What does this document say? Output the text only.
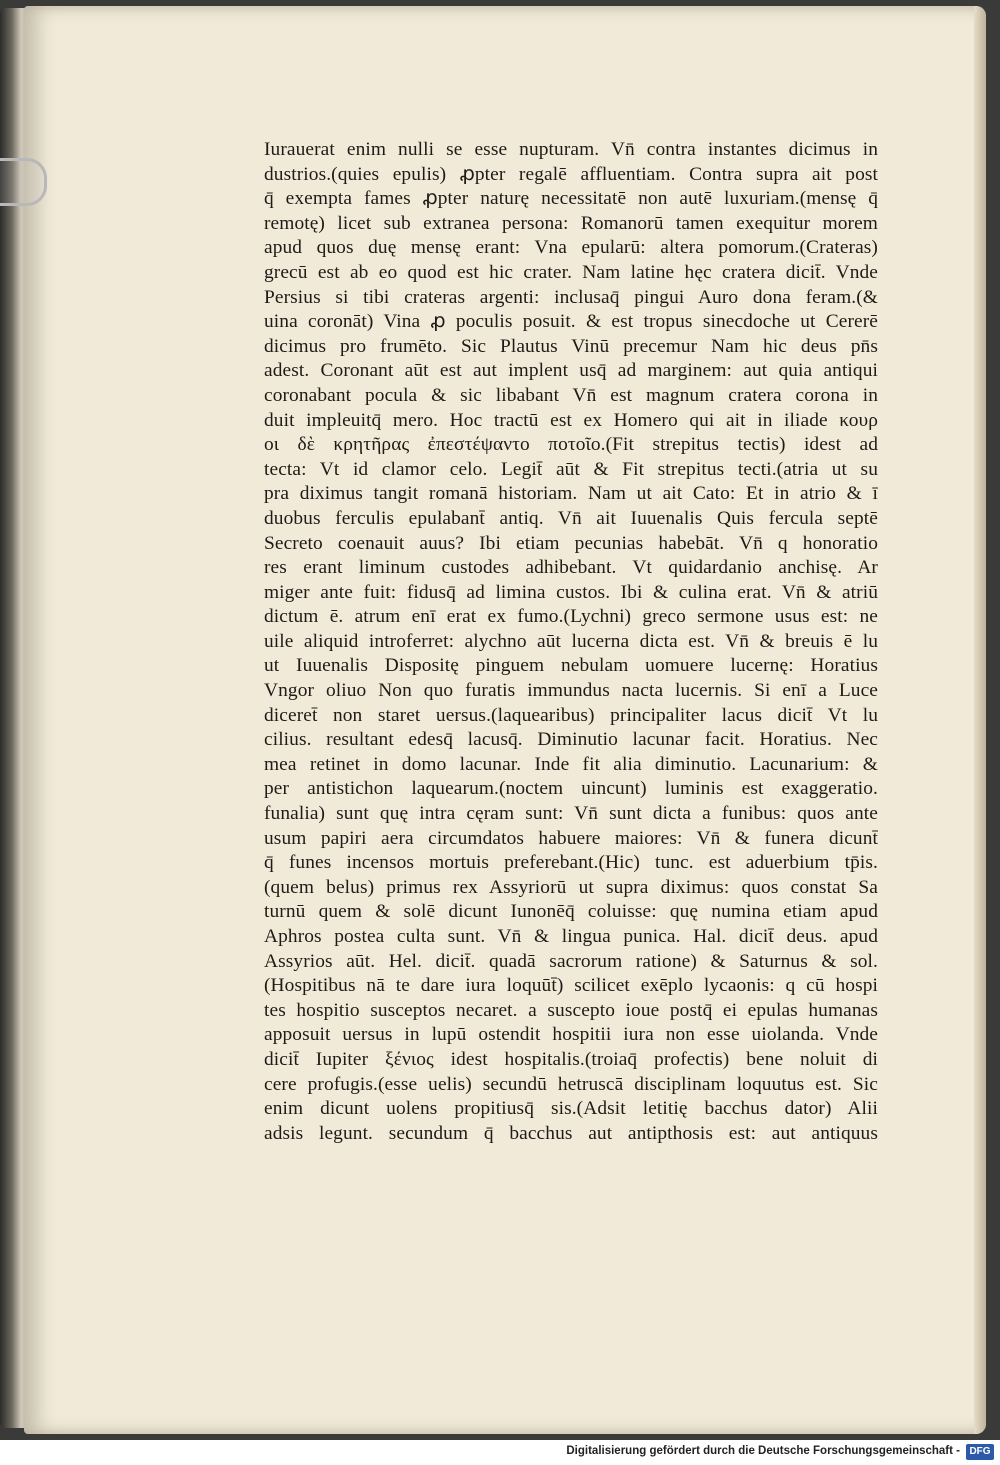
Iurauerat enim nulli se esse nupturam. Vn̄ contra instantes dicimus in
dustrios.(quies epulis) ꝓpter regalē affluentiam. Contra supra ait post
q̄ exempta fames ꝓpter naturę necessitatē non autē luxuriam.(mensę q̄
remotę) licet sub extranea persona: Romanorū tamen exequitur morem
apud quos duę mensę erant: Vna epularū: altera pomorum.(Crateras)
grecū est ab eo quod est hic crater. Nam latine hęc cratera dicit̄. Vnde
Persius si tibi crateras argenti: inclusaq̄ pingui Auro dona feram.(&
uina coronāt) Vina ꝓ poculis posuit. & est tropus sinecdoche ut Cererē
dicimus pro frumēto. Sic Plautus Vinū precemur Nam hic deus pn̄s
adest. Coronant aūt est aut implent usq̄ ad marginem: aut quia antiqui
coronabant pocula & sic libabant Vn̄ est magnum cratera corona in
duit impleuitq̄ mero. Hoc tractū est ex Homero qui ait in iliade κουρ
οι δὲ κρητῆρας ἐπεστέψαντο ποτοῖο.(Fit strepitus tectis) idest ad
tecta: Vt id clamor celo. Legit̄ aūt & Fit strepitus tecti.(atria ut su
pra diximus tangit romanā historiam. Nam ut ait Cato: Et in atrio & ī
duobus ferculis epulabant̄ antiq. Vn̄ ait Iuuenalis Quis fercula septē
Secreto coenauit auus? Ibi etiam pecunias habebāt. Vn̄ q honoratio
res erant liminum custodes adhibebant. Vt quidardanio anchisę. Ar
miger ante fuit: fidusq̄ ad limina custos. Ibi & culina erat. Vn̄ & atriū
dictum ē. atrum enī erat ex fumo.(Lychni) greco sermone usus est: ne
uile aliquid introferret: alychno aūt lucerna dicta est. Vn̄ & breuis ē lu
ut Iuuenalis Dispositę pinguem nebulam uomuere lucernę: Horatius
Vngor oliuo Non quo furatis immundus nacta lucernis. Si enī a Luce
diceret̄ non staret uersus.(laquearibus) principaliter lacus dicit̄ Vt lu
cilius. resultant edesq̄ lacusq̄. Diminutio lacunar facit. Horatius. Nec
mea retinet in domo lacunar. Inde fit alia diminutio. Lacunarium: &
per antistichon laquearum.(noctem uincunt) luminis est exaggeratio.
funalia) sunt quę intra cęram sunt: Vn̄ sunt dicta a funibus: quos ante
usum papiri aera circumdatos habuere maiores: Vn̄ & funera dicunt̄
q̄ funes incensos mortuis preferebant.(Hic) tunc. est aduerbium tp̄is.
(quem belus) primus rex Assyriorū ut supra diximus: quos constat Sa
turnū quem & solē dicunt Iunonēq̄ coluisse: quę numina etiam apud
Aphros postea culta sunt. Vn̄ & lingua punica. Hal. dicit̄ deus. apud
Assyrios aūt. Hel. dicit̄. quadā sacrorum ratione) & Saturnus & sol.
(Hospitibus nā te dare iura loquūt̄) scilicet exēplo lycaonis: q cū hospi
tes hospitio susceptos necaret. a suscepto ioue postq̄ ei epulas humanas
apposuit uersus in lupū ostendit hospitii iura non esse uiolanda. Vnde
dicit̄ Iupiter ξένιος idest hospitalis.(troiaq̄ profectis) bene noluit di
cere profugis.(esse uelis) secundū hetruscā disciplinam loquutus est. Sic
enim dicunt uolens propitiusq̄ sis.(Adsit letitię bacchus dator) Alii
adsis legunt. secundum q̄ bacchus aut antipthosis est: aut antiquus
Digitalisierung gefördert durch die Deutsche Forschungsgemeinschaft - DFG
